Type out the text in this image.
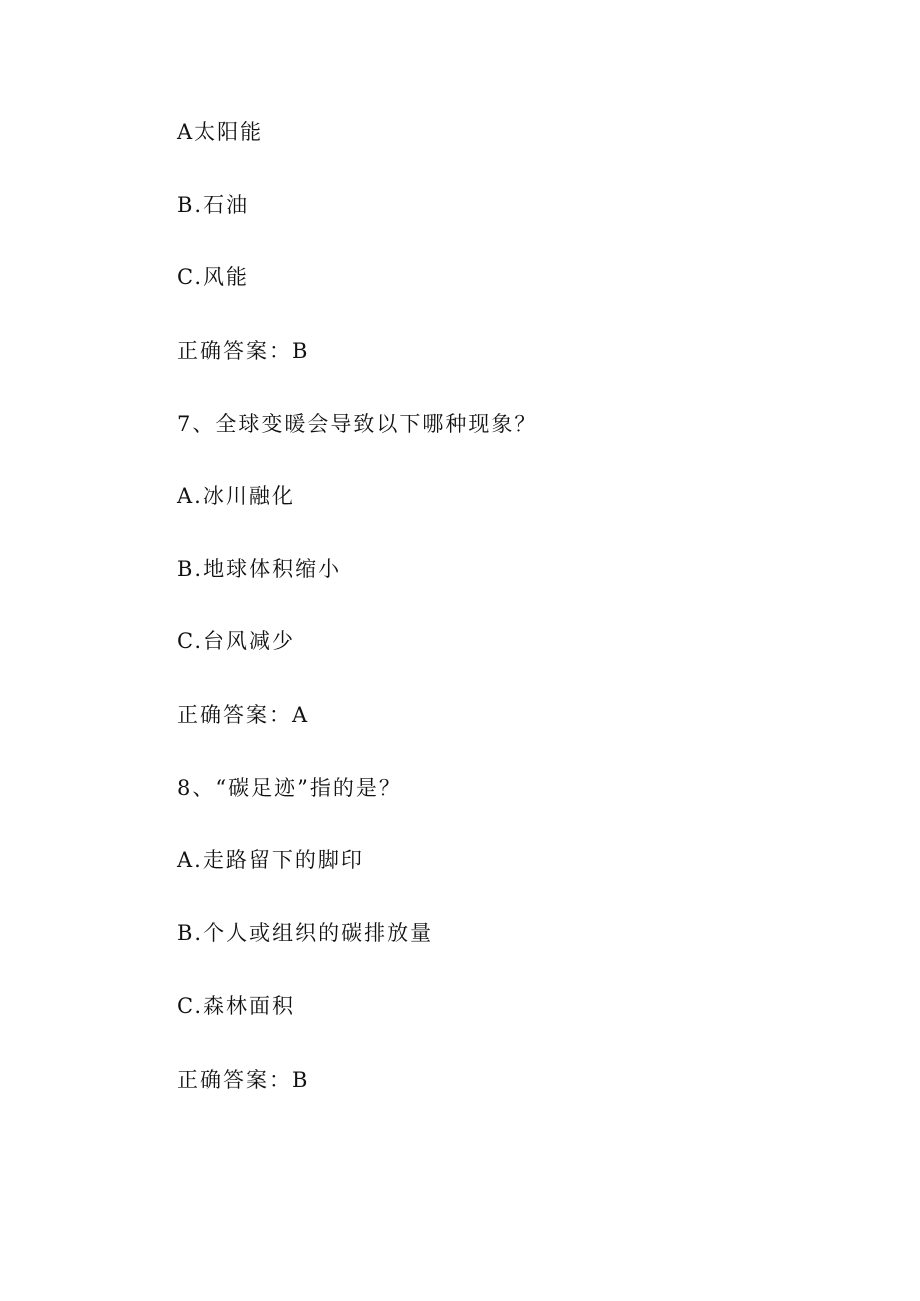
A太阳能
B.石油
C.风能
正确答案：B
7、全球变暖会导致以下哪种现象？
A.冰川融化
B.地球体积缩小
C.台风减少
正确答案：A
8、“碳足迹”指的是？
A.走路留下的脚印
B.个人或组织的碳排放量
C.森林面积
正确答案：B
